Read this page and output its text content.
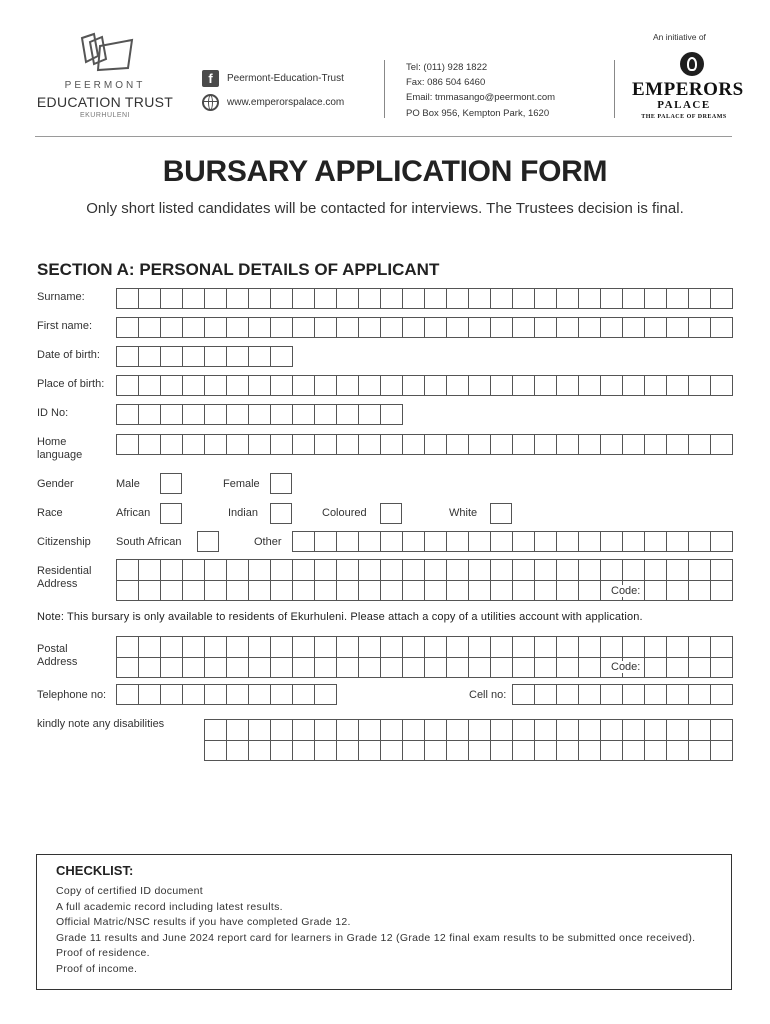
PEERMONT
EDUCATION TRUST
EKURHULENI
f	Peermont-Education-Trust
www.emperorspalace.com
Tel: (011) 928 1822
Fax: 086 504 6460
Email: tmmasango@peermont.com
PO Box 956, Kempton Park, 1620
An initiative of
EMPERORS
PALACE
THE PALACE OF DREAMS
BURSARY APPLICATION FORM
Only short listed candidates will be contacted for interviews. The Trustees decision is final.
SECTION A: PERSONAL DETAILS OF APPLICANT
Surname:
First name:
Date of birth:
Place of birth:
ID No:
Home language
Gender	Male	Female
Race	African	Indian	Coloured	White
Citizenship South African	Other
Residential Address
Code:
Note: This bursary is only available to residents of Ekurhuleni. Please attach a copy of a utilities account with application.
Postal Address	Code:
Telephone no:	Cell no:
kindly note any disabilities
CHECKLIST:
Copy of certified ID document
A full academic record including latest results.
Official Matric/NSC results if you have completed Grade 12.
Grade 11 results and June 2024 report card for learners in Grade 12 (Grade 12 final exam results to be submitted once received).
Proof of residence.
Proof of income.
